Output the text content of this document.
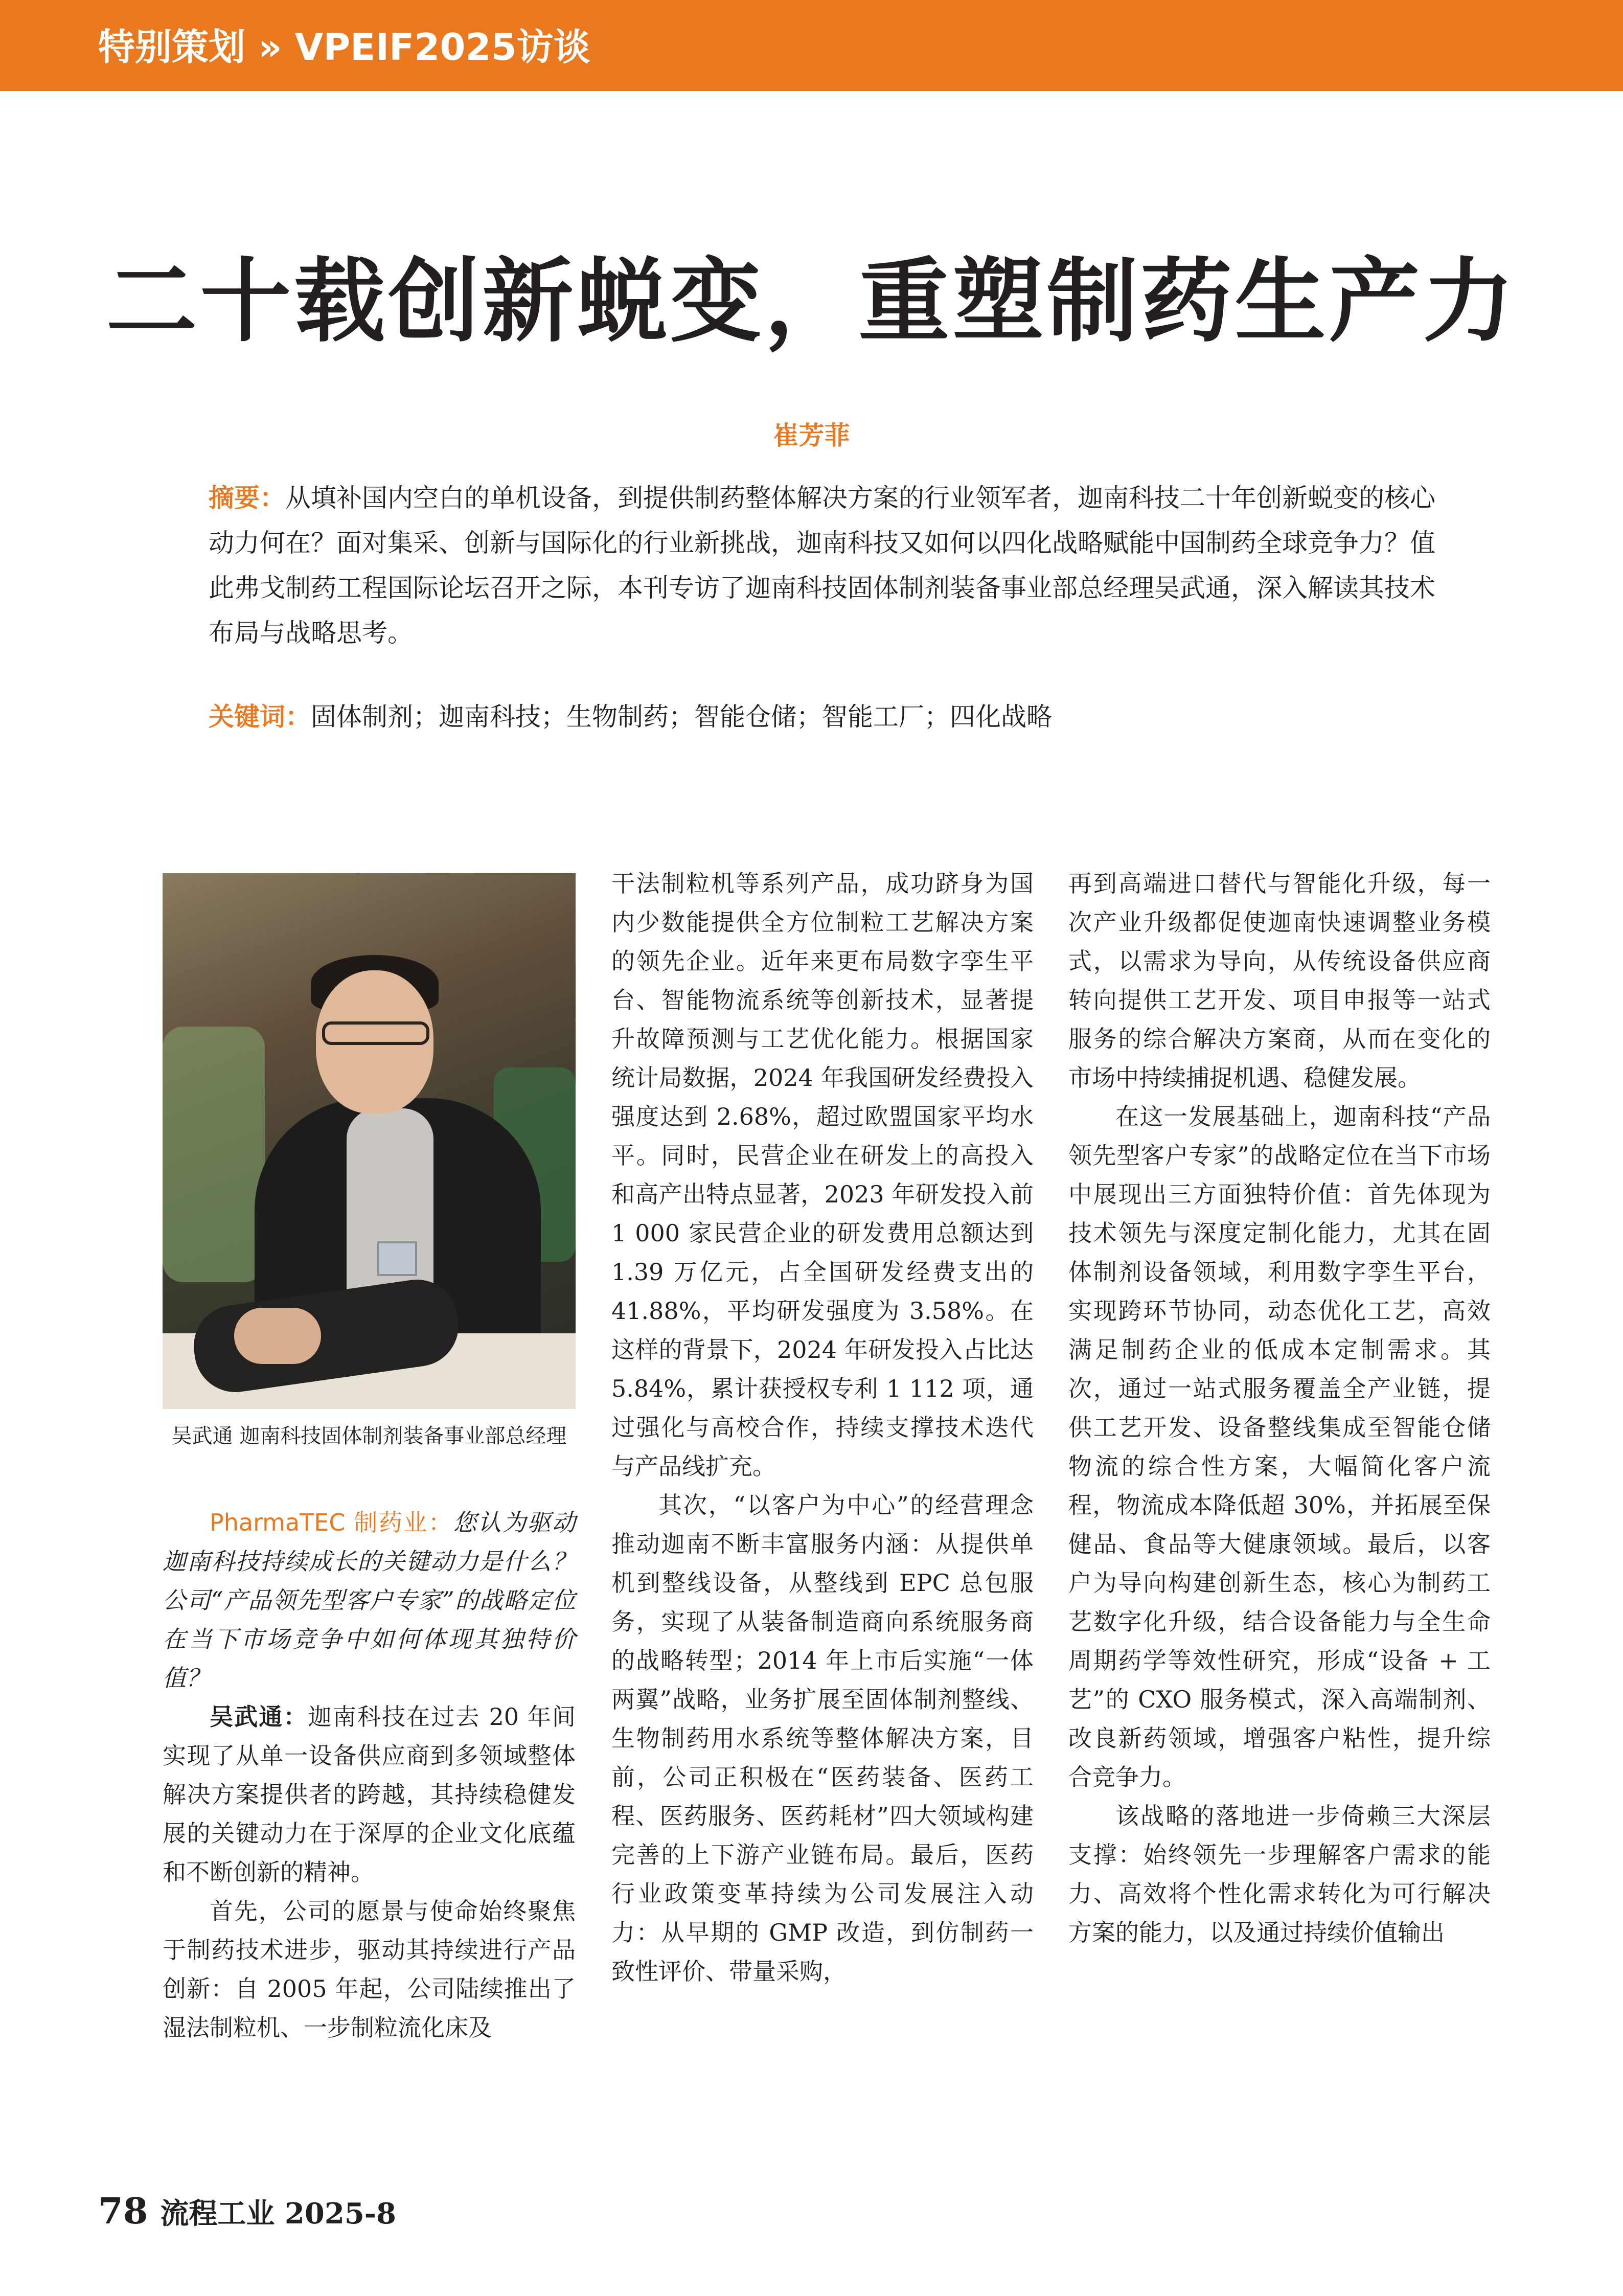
特别策划 » VPEIF2025访谈
二十载创新蜕变，重塑制药生产力
崔芳菲
摘要：从填补国内空白的单机设备，到提供制药整体解决方案的行业领军者，迦南科技二十年创新蜕变的核心动力何在？面对集采、创新与国际化的行业新挑战，迦南科技又如何以四化战略赋能中国制药全球竞争力？值此弗戈制药工程国际论坛召开之际，本刊专访了迦南科技固体制剂装备事业部总经理吴武通，深入解读其技术布局与战略思考。
关键词：固体制剂；迦南科技；生物制药；智能仓储；智能工厂；四化战略
吴武通 迦南科技固体制剂装备事业部总经理

PharmaTEC 制药业：您认为驱动迦南科技持续成长的关键动力是什么？公司“产品领先型客户专家”的战略定位在当下市场竞争中如何体现其独特价值？

吴武通：迦南科技在过去 20 年间实现了从单一设备供应商到多领域整体解决方案提供者的跨越，其持续稳健发展的关键动力在于深厚的企业文化底蕴和不断创新的精神。

首先，公司的愿景与使命始终聚焦于制药技术进步，驱动其持续进行产品创新：自 2005 年起，公司陆续推出了湿法制粒机、一步制粒流化床及

干法制粒机等系列产品，成功跻身为国内少数能提供全方位制粒工艺解决方案的领先企业。近年来更布局数字孪生平台、智能物流系统等创新技术，显著提升故障预测与工艺优化能力。根据国家统计局数据，2024 年我国研发经费投入强度达到 2.68%，超过欧盟国家平均水平。同时，民营企业在研发上的高投入和高产出特点显著，2023 年研发投入前 1 000 家民营企业的研发费用总额达到 1.39 万亿元，占全国研发经费支出的 41.88%，平均研发强度为 3.58%。在这样的背景下，2024 年研发投入占比达 5.84%，累计获授权专利 1 112 项，通过强化与高校合作，持续支撑技术迭代与产品线扩充。

其次，“以客户为中心”的经营理念推动迦南不断丰富服务内涵：从提供单机到整线设备，从整线到 EPC 总包服务，实现了从装备制造商向系统服务商的战略转型；2014 年上市后实施“一体两翼”战略，业务扩展至固体制剂整线、生物制药用水系统等整体解决方案，目前，公司正积极在“医药装备、医药工程、医药服务、医药耗材”四大领域构建完善的上下游产业链布局。最后，医药行业政策变革持续为公司发展注入动力：从早期的 GMP 改造，到仿制药一致性评价、带量采购，

再到高端进口替代与智能化升级，每一次产业升级都促使迦南快速调整业务模式，以需求为导向，从传统设备供应商转向提供工艺开发、项目申报等一站式服务的综合解决方案商，从而在变化的市场中持续捕捉机遇、稳健发展。

在这一发展基础上，迦南科技“产品领先型客户专家”的战略定位在当下市场中展现出三方面独特价值：首先体现为技术领先与深度定制化能力，尤其在固体制剂设备领域，利用数字孪生平台，实现跨环节协同，动态优化工艺，高效满足制药企业的低成本定制需求。其次，通过一站式服务覆盖全产业链，提供工艺开发、设备整线集成至智能仓储物流的综合性方案，大幅简化客户流程，物流成本降低超 30%，并拓展至保健品、食品等大健康领域。最后，以客户为导向构建创新生态，核心为制药工艺数字化升级，结合设备能力与全生命周期药学等效性研究，形成“设备 + 工艺”的 CXO 服务模式，深入高端制剂、改良新药领域，增强客户粘性，提升综合竞争力。

该战略的落地进一步倚赖三大深层支撑：始终领先一步理解客户需求的能力、高效将个性化需求转化为可行解决方案的能力，以及通过持续价值输出

78 流程工业 2025-8
